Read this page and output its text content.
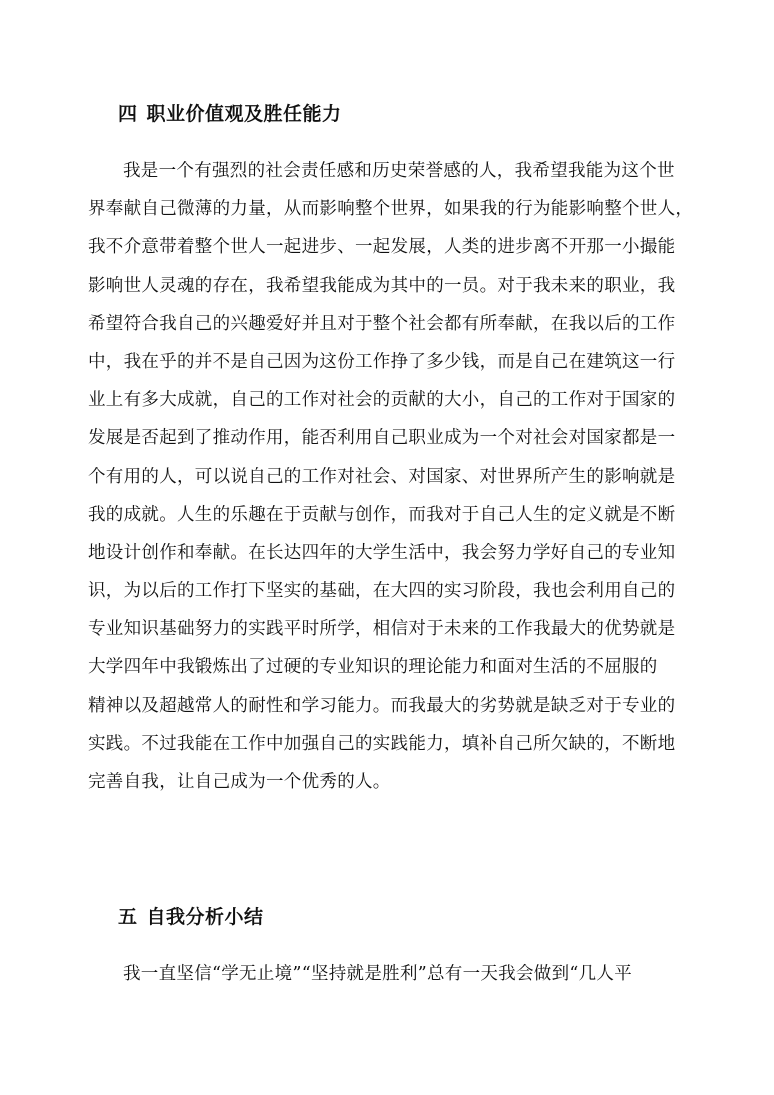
四 职业价值观及胜任能力
我是一个有强烈的社会责任感和历史荣誉感的人，我希望我能为这个世
界奉献自己微薄的力量，从而影响整个世界，如果我的行为能影响整个世人，
我不介意带着整个世人一起进步、一起发展，人类的进步离不开那一小撮能
影响世人灵魂的存在，我希望我能成为其中的一员。对于我未来的职业，我
希望符合我自己的兴趣爱好并且对于整个社会都有所奉献，在我以后的工作
中，我在乎的并不是自己因为这份工作挣了多少钱，而是自己在建筑这一行
业上有多大成就，自己的工作对社会的贡献的大小，自己的工作对于国家的
发展是否起到了推动作用，能否利用自己职业成为一个对社会对国家都是一
个有用的人，可以说自己的工作对社会、对国家、对世界所产生的影响就是
我的成就。人生的乐趣在于贡献与创作，而我对于自己人生的定义就是不断
地设计创作和奉献。在长达四年的大学生活中，我会努力学好自己的专业知
识，为以后的工作打下坚实的基础，在大四的实习阶段，我也会利用自己的
专业知识基础努力的实践平时所学，相信对于未来的工作我最大的优势就是
大学四年中我锻炼出了过硬的专业知识的理论能力和面对生活的不屈服的
精神以及超越常人的耐性和学习能力。而我最大的劣势就是缺乏对于专业的
实践。不过我能在工作中加强自己的实践能力，填补自己所欠缺的，不断地
完善自我，让自己成为一个优秀的人。
五 自我分析小结
我一直坚信“学无止境”“坚持就是胜利”总有一天我会做到“几人平
